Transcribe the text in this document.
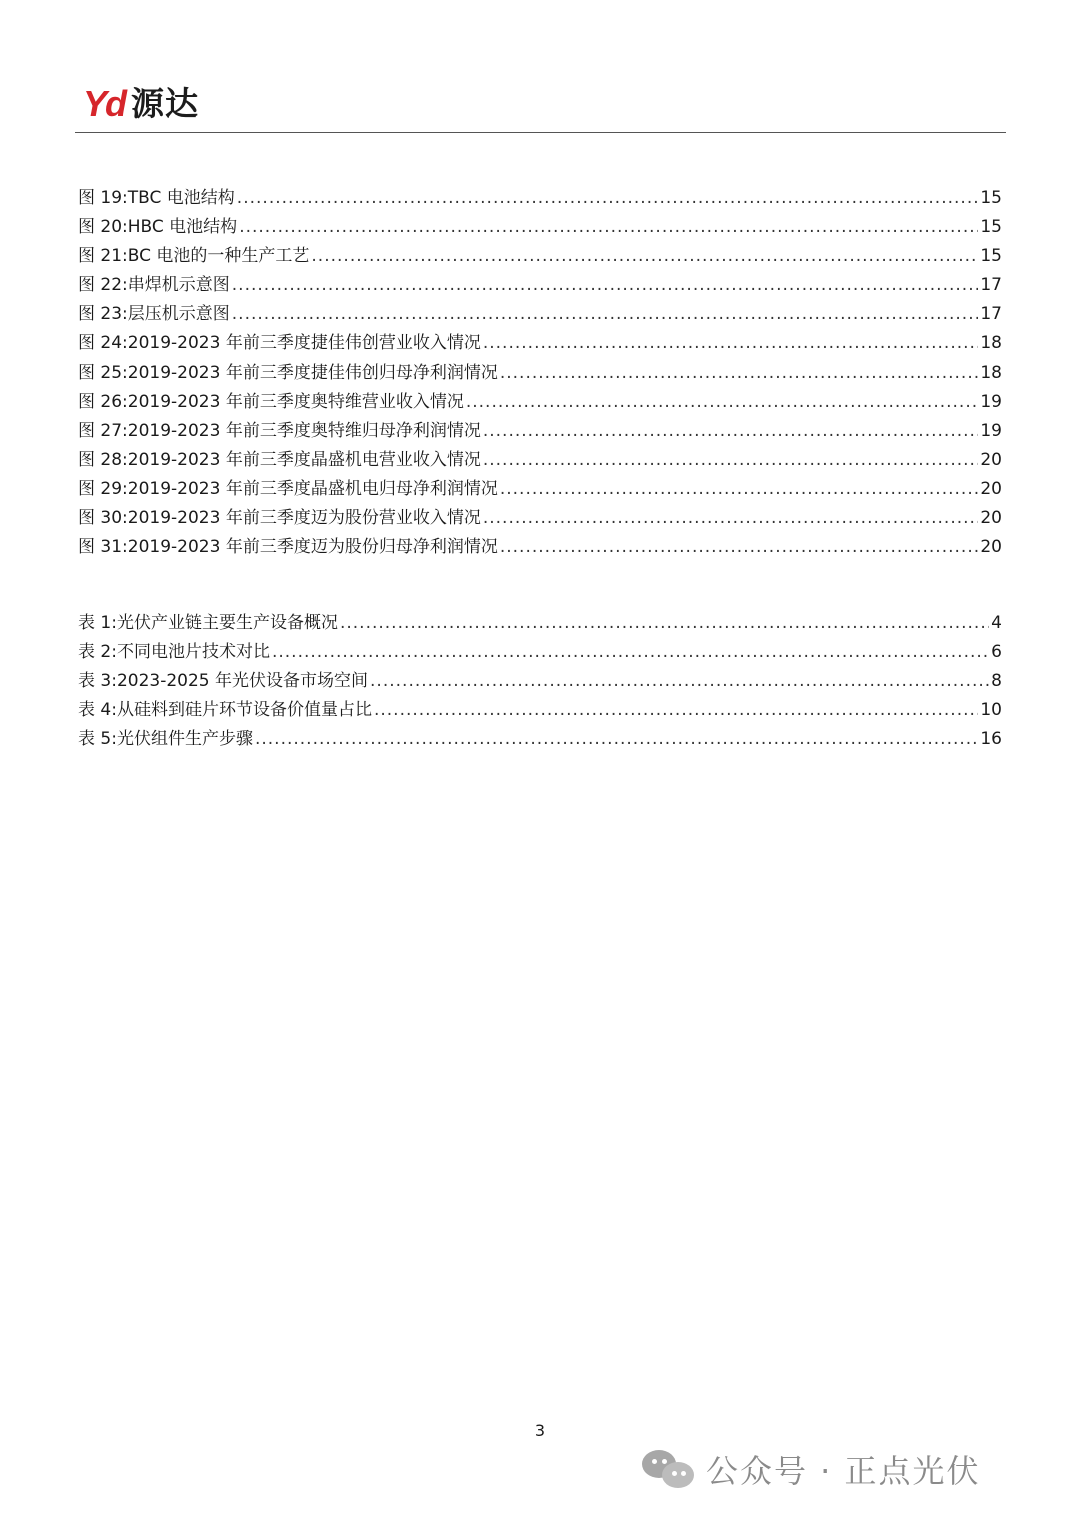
Yd 源达
图 19: TBC 电池结构 .....	15
图 20: HBC 电池结构 .....	15
图 21: BC 电池的一种生产工艺 .....	15
图 22: 串焊机示意图 .....	17
图 23: 层压机示意图 .....	17
图 24: 2019-2023 年前三季度捷佳伟创营业收入情况 .....	18
图 25: 2019-2023 年前三季度捷佳伟创归母净利润情况 .....	18
图 26: 2019-2023 年前三季度奥特维营业收入情况 .....	19
图 27: 2019-2023 年前三季度奥特维归母净利润情况 .....	19
图 28: 2019-2023 年前三季度晶盛机电营业收入情况 .....	20
图 29: 2019-2023 年前三季度晶盛机电归母净利润情况 .....	20
图 30: 2019-2023 年前三季度迈为股份营业收入情况 .....	20
图 31: 2019-2023 年前三季度迈为股份归母净利润情况 .....	20
表 1: 光伏产业链主要生产设备概况 .....	4
表 2: 不同电池片技术对比 .....	6
表 3: 2023-2025 年光伏设备市场空间 .....	8
表 4: 从硅料到硅片环节设备价值量占比 .....	10
表 5: 光伏组件生产步骤 .....	16
3
公众号 · 正点光伏
